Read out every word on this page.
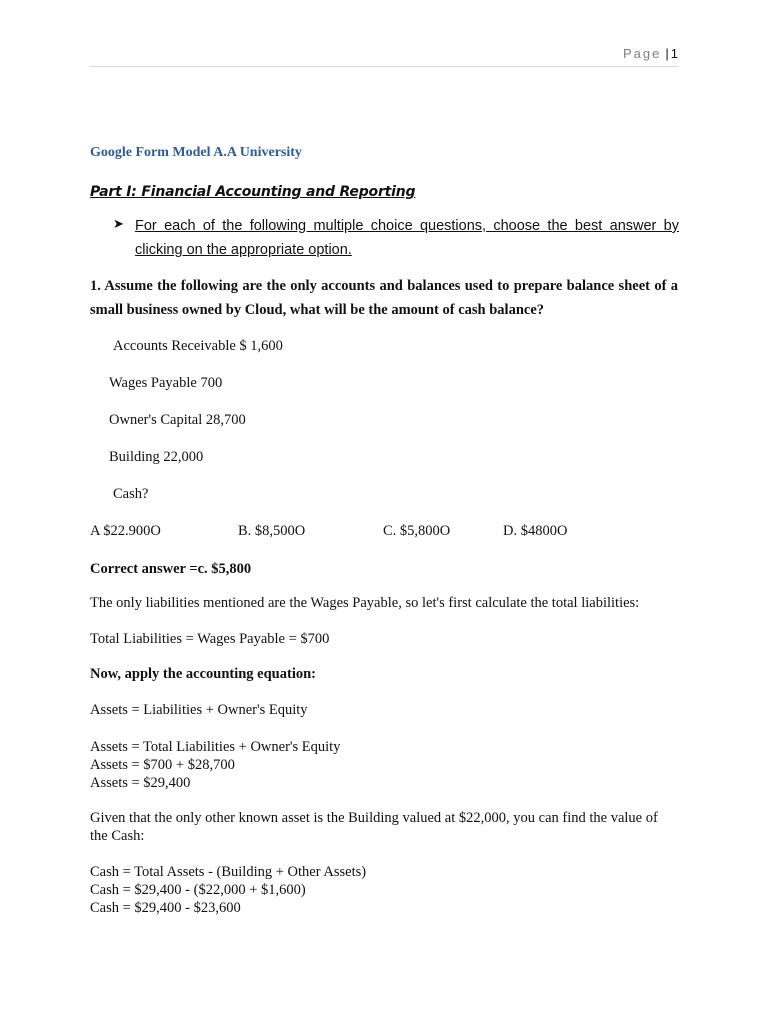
Page | 1
Google Form Model A.A University
Part I: Financial Accounting and Reporting
➤ For each of the following multiple choice questions, choose the best answer by clicking on the appropriate option.
1. Assume the following are the only accounts and balances used to prepare balance sheet of a small business owned by Cloud, what will be the amount of cash balance?
Accounts Receivable $ 1,600
Wages Payable 700
Owner's Capital 28,700
Building 22,000
Cash?
A $22.900O	B. $8,500O	C. $5,800O	D. $4800O
Correct answer =c. $5,800
The only liabilities mentioned are the Wages Payable, so let's first calculate the total liabilities:
Total Liabilities = Wages Payable = $700
Now, apply the accounting equation:
Assets = Liabilities + Owner's Equity
Assets = Total Liabilities + Owner's Equity
Assets = $700 + $28,700
Assets = $29,400
Given that the only other known asset is the Building valued at $22,000, you can find the value of the Cash:
Cash = Total Assets - (Building + Other Assets)
Cash = $29,400 - ($22,000 + $1,600)
Cash = $29,400 - $23,600
